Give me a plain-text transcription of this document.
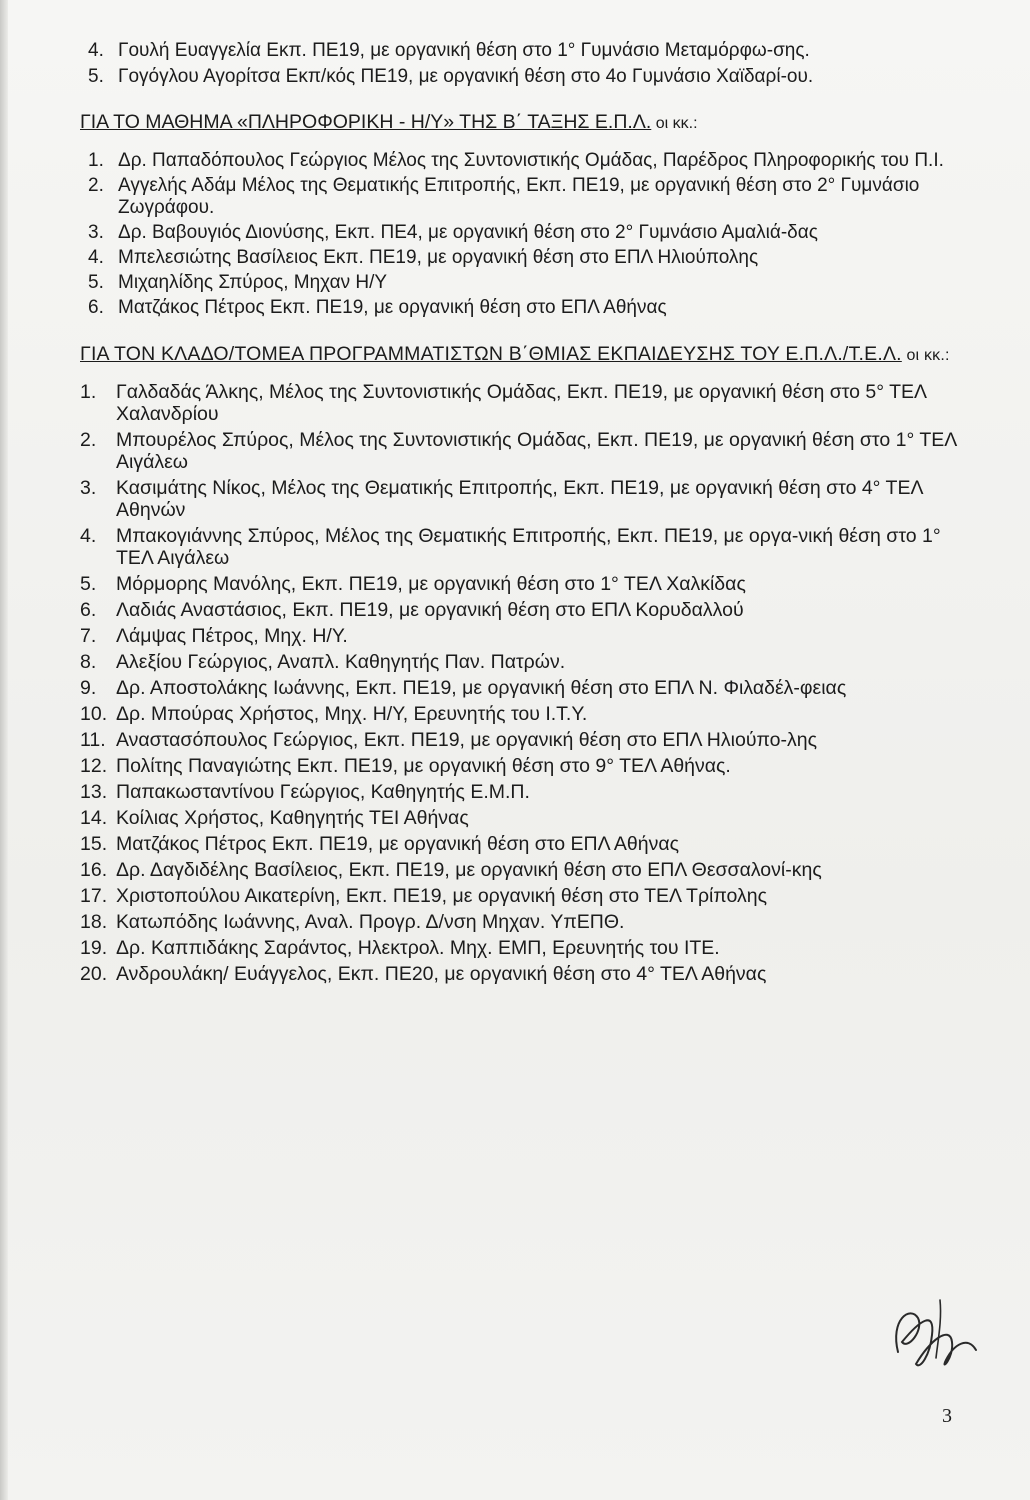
4. Γουλή Ευαγγελία Εκπ. ΠΕ19, με οργανική θέση στο 1° Γυμνάσιο Μεταμόρφω-σης.
5. Γογόγλου Αγορίτσα Εκπ/κός ΠΕ19, με οργανική θέση στο 4ο Γυμνάσιο Χαϊδαρί-ου.
ΓΙΑ ΤΟ ΜΑΘΗΜΑ «ΠΛΗΡΟΦΟΡΙΚΗ - Η/Υ» ΤΗΣ Β΄ ΤΑΞΗΣ Ε.Π.Λ. οι κκ.:
1. Δρ. Παπαδόπουλος Γεώργιος Μέλος της Συντονιστικής Ομάδας, Παρέδρος Πληροφορικής του Π.Ι.
2. Αγγελής Αδάμ Μέλος της Θεματικής Επιτροπής, Εκπ. ΠΕ19, με οργανική θέση στο 2° Γυμνάσιο Ζωγράφου.
3. Δρ. Βαβουγιός Διονύσης, Εκπ. ΠΕ4, με οργανική θέση στο 2° Γυμνάσιο Αμαλιά-δας
4. Μπελεσιώτης Βασίλειος Εκπ. ΠΕ19, με οργανική θέση στο ΕΠΛ Ηλιούπολης
5. Μιχαηλίδης Σπύρος, Μηχαν Η/Υ
6. Ματζάκος Πέτρος Εκπ. ΠΕ19, με οργανική θέση στο ΕΠΛ Αθήνας
ΓΙΑ ΤΟΝ ΚΛΑΔΟ/ΤΟΜΕΑ ΠΡΟΓΡΑΜΜΑΤΙΣΤΩΝ Β΄ΘΜΙΑΣ ΕΚΠΑΙΔΕΥΣΗΣ ΤΟΥ Ε.Π.Λ./Τ.Ε.Λ. οι κκ.:
1.	Γαλδαδάς Άλκης, Μέλος της Συντονιστικής Ομάδας, Εκπ. ΠΕ19, με οργανική θέση στο 5° ΤΕΛ Χαλανδρίου
2.	Μπουρέλος Σπύρος, Μέλος της Συντονιστικής Ομάδας, Εκπ. ΠΕ19, με οργανική θέση στο 1° ΤΕΛ Αιγάλεω
3.	Κασιμάτης Νίκος, Μέλος της Θεματικής Επιτροπής, Εκπ. ΠΕ19, με οργανική θέση στο 4° ΤΕΛ Αθηνών
4.	Μπακογιάννης Σπύρος, Μέλος της Θεματικής Επιτροπής, Εκπ. ΠΕ19, με οργα-νική θέση στο 1° ΤΕΛ Αιγάλεω
5.	Μόρμορης Μανόλης, Εκπ. ΠΕ19, με οργανική θέση στο 1° ΤΕΛ Χαλκίδας
6.	Λαδιάς Αναστάσιος, Εκπ. ΠΕ19, με οργανική θέση στο ΕΠΛ Κορυδαλλού
7.	Λάμψας Πέτρος, Μηχ. Η/Υ.
8.	Αλεξίου Γεώργιος, Αναπλ. Καθηγητής Παν. Πατρών.
9.	Δρ. Αποστολάκης Ιωάννης, Εκπ. ΠΕ19, με οργανική θέση στο ΕΠΛ Ν. Φιλαδέλ-φειας
10. Δρ. Μπούρας Χρήστος, Μηχ. Η/Υ, Ερευνητής του Ι.Τ.Υ.
11. Αναστασόπουλος Γεώργιος, Εκπ. ΠΕ19, με οργανική θέση στο ΕΠΛ Ηλιούπο-λης
12. Πολίτης Παναγιώτης Εκπ. ΠΕ19, με οργανική θέση στο 9° ΤΕΛ Αθήνας.
13. Παπακωσταντίνου Γεώργιος, Καθηγητής Ε.Μ.Π.
14. Κοίλιας Χρήστος, Καθηγητής ΤΕΙ Αθήνας
15. Ματζάκος Πέτρος Εκπ. ΠΕ19, με οργανική θέση στο ΕΠΛ Αθήνας
16. Δρ. Δαγδιδέλης Βασίλειος, Εκπ. ΠΕ19, με οργανική θέση στο ΕΠΛ Θεσσαλονί-κης
17. Χριστοπούλου Αικατερίνη, Εκπ. ΠΕ19, με οργανική θέση στο ΤΕΛ Τρίπολης
18. Κατωπόδης Ιωάννης, Αναλ. Προγρ. Δ/νση Μηχαν. ΥπΕΠΘ.
19. Δρ. Καππιδάκης Σαράντος, Ηλεκτρολ. Μηχ. ΕΜΠ, Ερευνητής του ΙΤΕ.
20. Ανδρουλάκη/ Ευάγγελος, Εκπ. ΠΕ20, με οργανική θέση στο 4° ΤΕΛ Αθήνας
3
